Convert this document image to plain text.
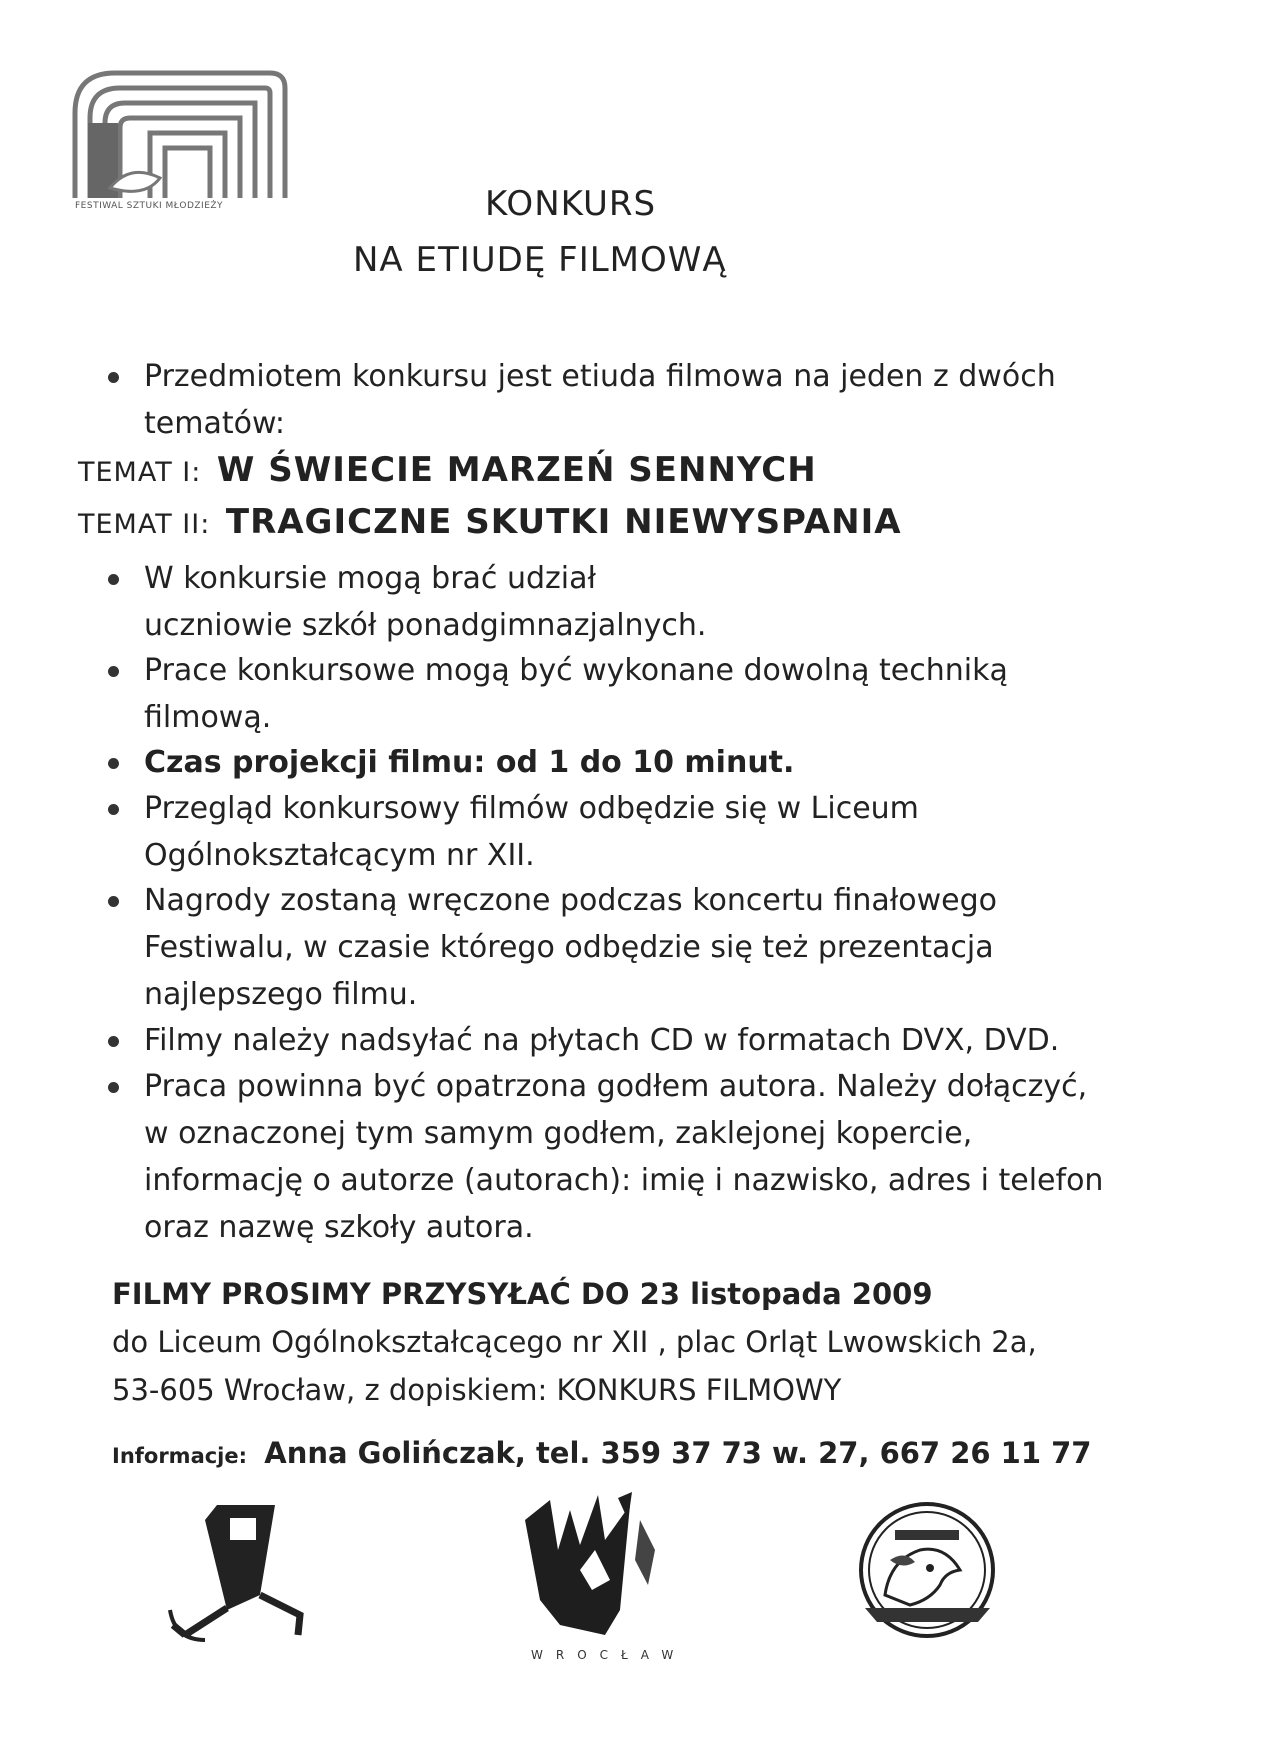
FESTIWAL SZTUKI MŁODZIEŻY	KONKURS
NA ETIUDĘ FILMOWĄ
Przedmiotem konkursu jest etiuda filmowa na jeden z dwóch tematów:
TEMAT I: W ŚWIECIE MARZEŃ SENNYCH
TEMAT II: TRAGICZNE SKUTKI NIEWYSPANIA
W konkursie mogą brać udział uczniowie szkół ponadgimnazjalnych.
Prace konkursowe mogą być wykonane dowolną techniką filmową.
Czas projekcji filmu: od 1 do 10 minut.
Przegląd konkursowy filmów odbędzie się w Liceum Ogólnokształcącym nr XII.
Nagrody zostaną wręczone podczas koncertu finałowego Festiwalu, w czasie którego odbędzie się też prezentacja najlepszego filmu.
Filmy należy nadsyłać na płytach CD w formatach DVX, DVD.
Praca powinna być opatrzona godłem autora. Należy dołączyć, w oznaczonej tym samym godłem, zaklejonej kopercie, informację o autorze (autorach): imię i nazwisko, adres i telefon oraz nazwę szkoły autora.
FILMY PROSIMY PRZYSYŁAĆ DO 23 listopada 2009
do Liceum Ogólnokształcącego nr XII , plac Orląt Lwowskich 2a,
53-605 Wrocław, z dopiskiem: KONKURS FILMOWY
Informacje: Anna Golińczak, tel. 359 37 73 w. 27, 667 26 11 77
WROCŁAW
